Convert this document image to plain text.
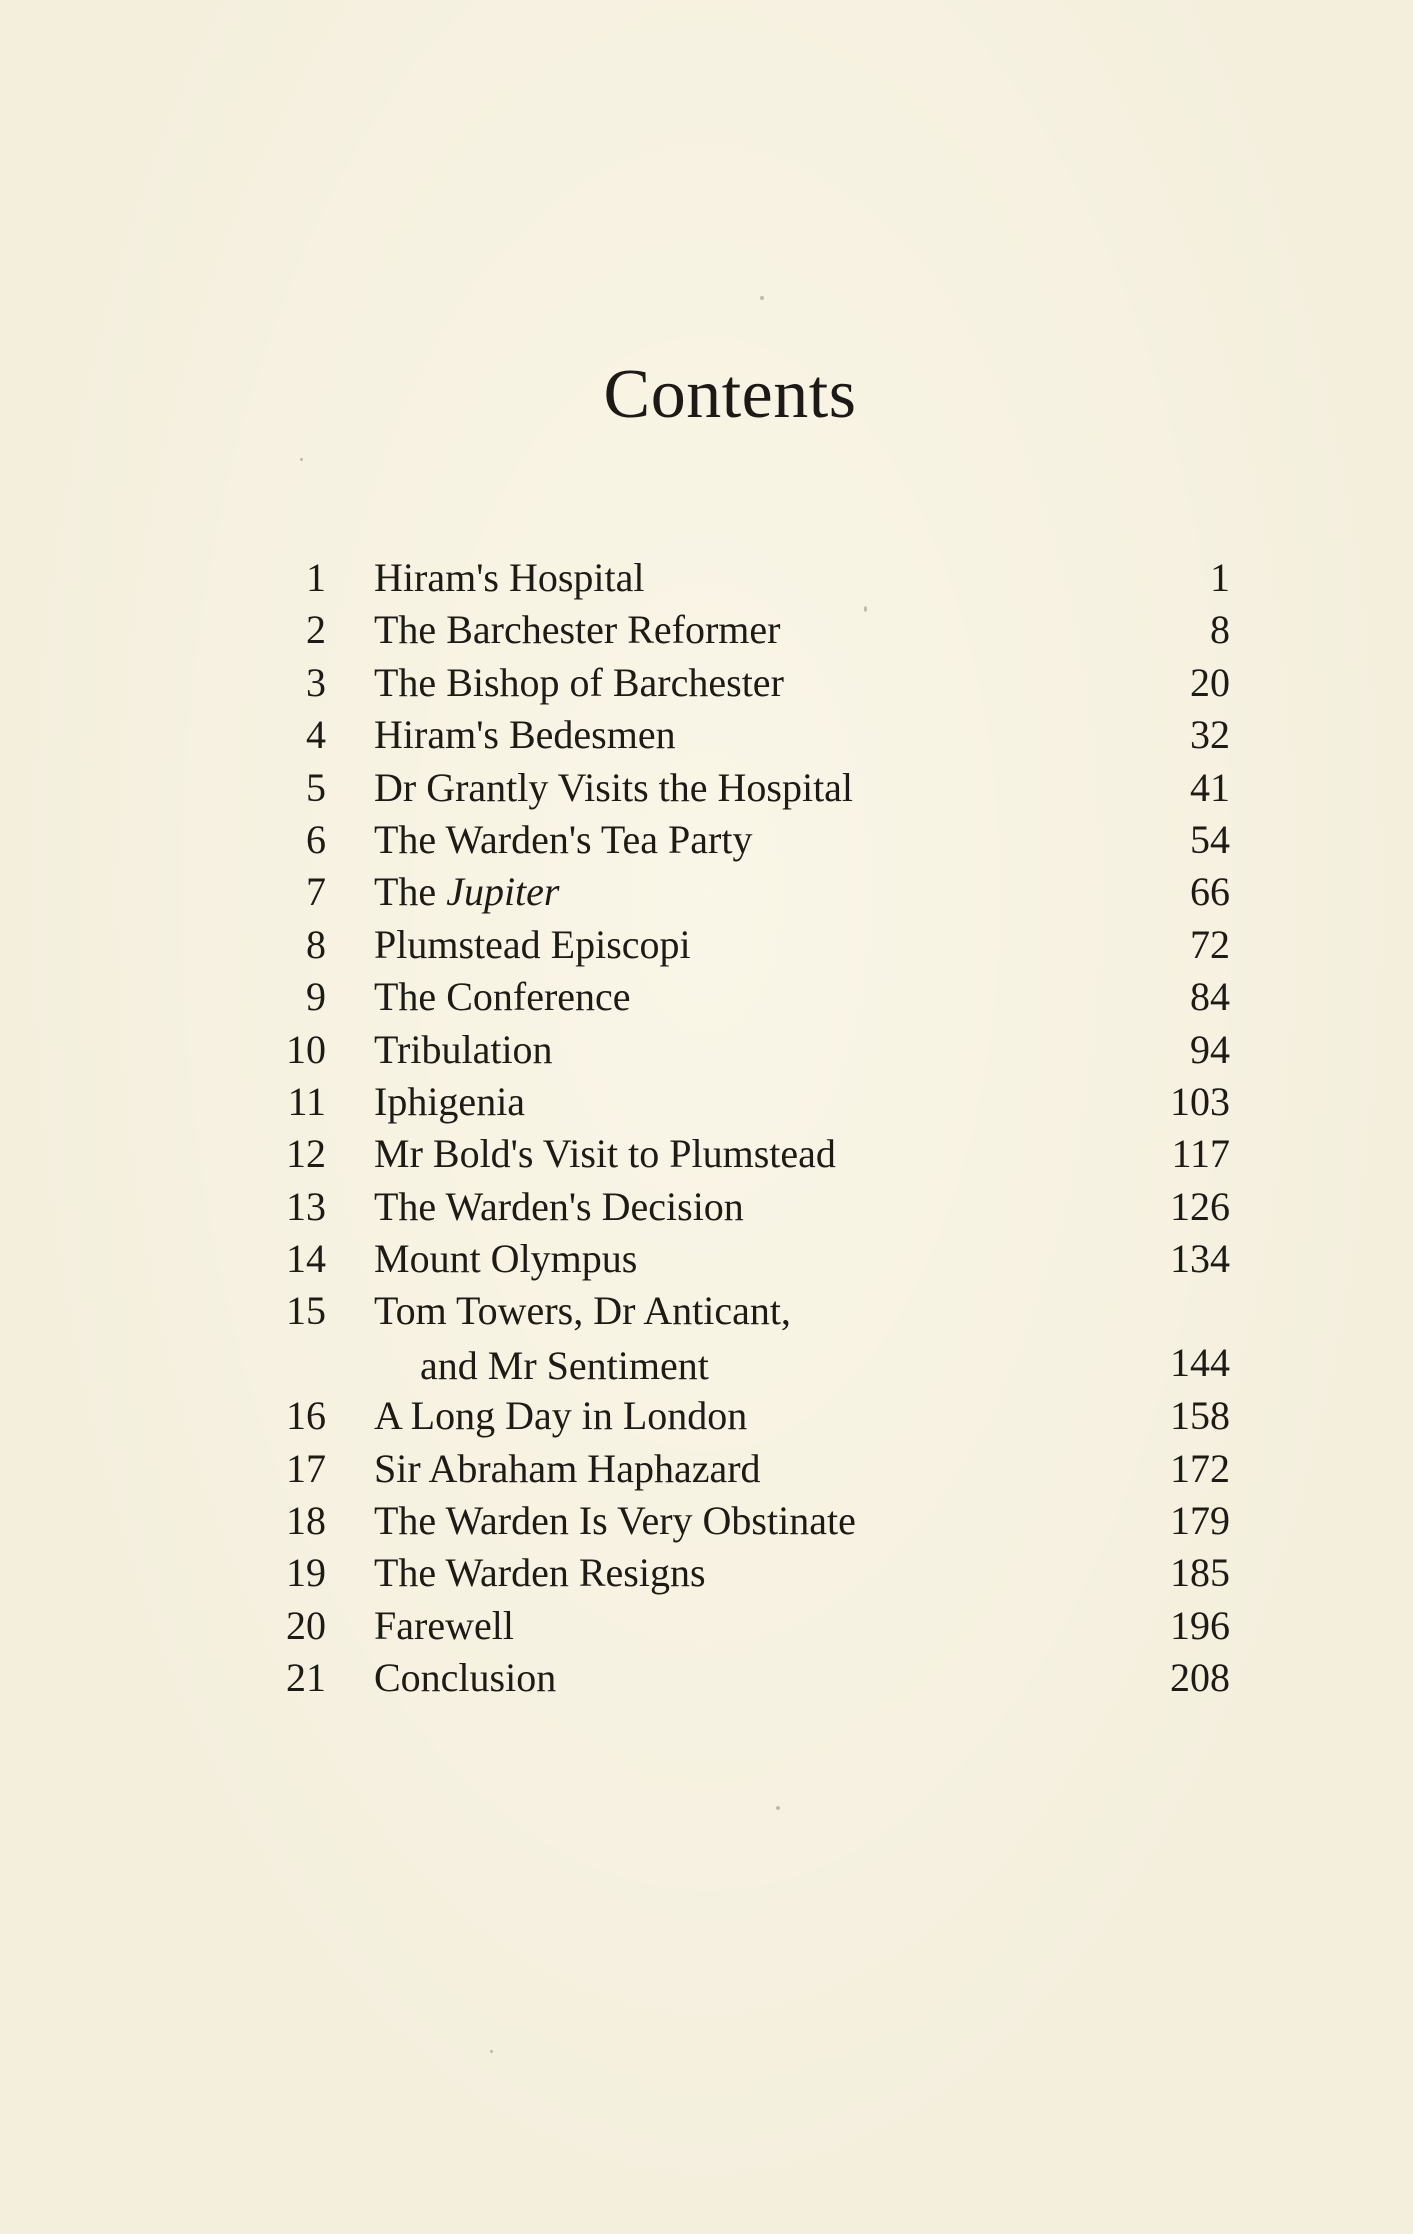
Contents
1 Hiram's Hospital	1
2 The Barchester Reformer	8
3 The Bishop of Barchester	20
4 Hiram's Bedesmen	32
5 Dr Grantly Visits the Hospital	41
6 The Warden's Tea Party	54
7 The Jupiter	66
8 Plumstead Episcopi	72
9 The Conference	84
10 Tribulation	94
11 Iphigenia	103
12 Mr Bold's Visit to Plumstead	117
13 The Warden's Decision	126
14 Mount Olympus	134
15 Tom Towers, Dr Anticant,
and Mr Sentiment	144
16 A Long Day in London	158
17 Sir Abraham Haphazard	172
18 The Warden Is Very Obstinate	179
19 The Warden Resigns	185
20 Farewell	196
21 Conclusion	208
